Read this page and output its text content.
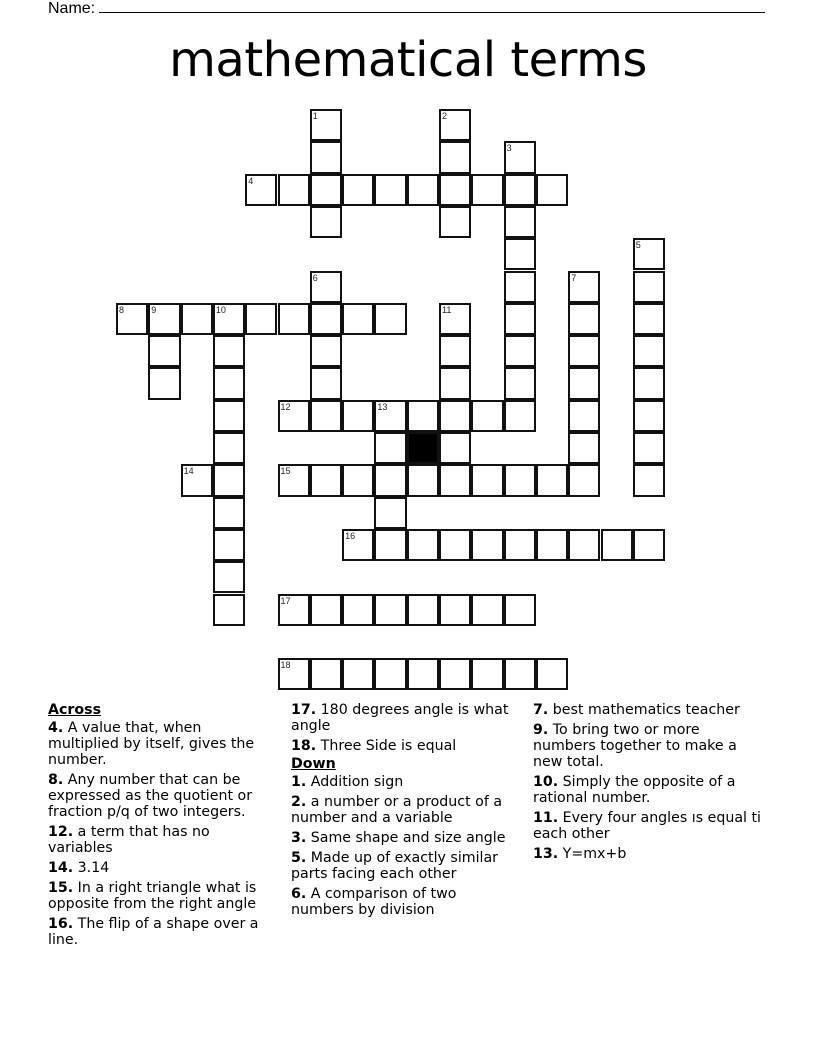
Name:
mathematical terms
1	2
3
4
5
6	7
8	9	10	11
12	13
14	15
16
17
18
Across
4. A value that, when multiplied by itself, gives the number.
8. Any number that can be expressed as the quotient or fraction p/q of two integers.
12. a term that has no variables
14. 3.14
15. In a right triangle what is opposite from the right angle
16. The flip of a shape over a line.
17. 180 degrees angle is what angle
18. Three Side is equal
Down
1. Addition sign
2. a number or a product of a number and a variable
3. Same shape and size angle
5. Made up of exactly similar parts facing each other
6. A comparison of two numbers by division
7. best mathematics teacher
9. To bring two or more numbers together to make a new total.
10. Simply the opposite of a rational number.
11. Every four angles ıs equal ti each other
13. Y=mx+b
